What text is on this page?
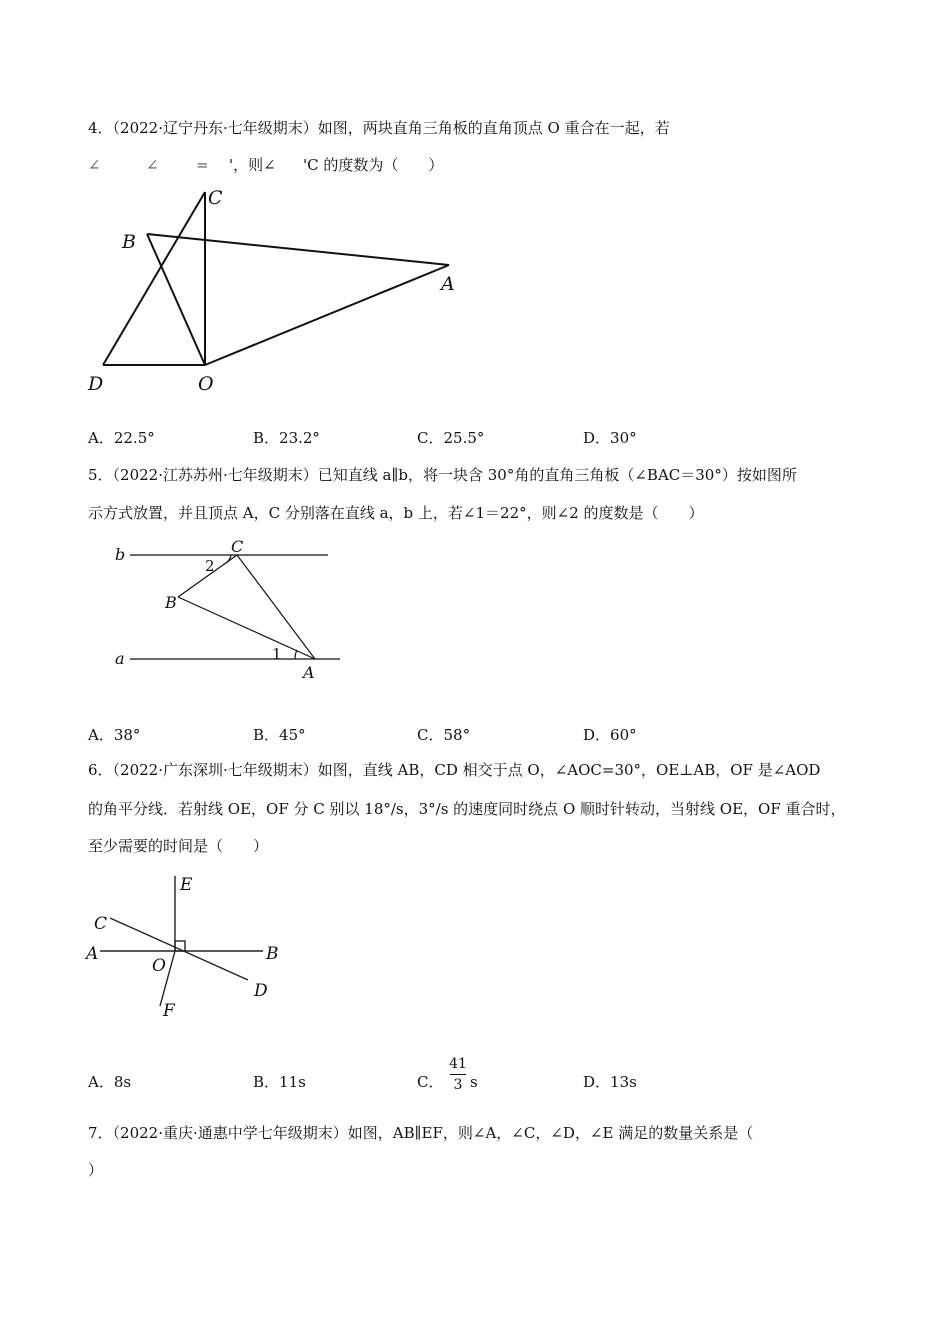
4．（2022·辽宁丹东·七年级期末）如图，两块直角三角板的直角顶点 O 重合在一起，若
∠	∠ = '，则∠ 'C 的度数为（　　）
C
B
A
D	O
A．22.5°	B．23.2°	C．25.5°	D．30°
5．（2022·江苏苏州·七年级期末）已知直线 a∥b，将一块含 30°角的直角三角板（∠BAC＝30°）按如图所
示方式放置，并且顶点 A，C 分别落在直线 a，b 上，若∠1＝22°，则∠2 的度数是（　　）
b
a
C
B
A
1
2
A．38°	B．45°	C．58°	D．60°
6．（2022·广东深圳·七年级期末）如图，直线 AB，CD 相交于点 O，∠AOC=30°，OE⊥AB，OF 是∠AOD
的角平分线．若射线 OE，OF 分 C 别以 18°/s，3°/s 的速度同时绕点 O 顺时针转动，当射线 OE，OF 重合时，
至少需要的时间是（　　）
E
C
A
O
B
D
F
A．8s	B．11s	C．
41
3 s	D．13s
7．（2022·重庆·通惠中学七年级期末）如图，AB∥EF，则∠A，∠C，∠D，∠E 满足的数量关系是（
）
